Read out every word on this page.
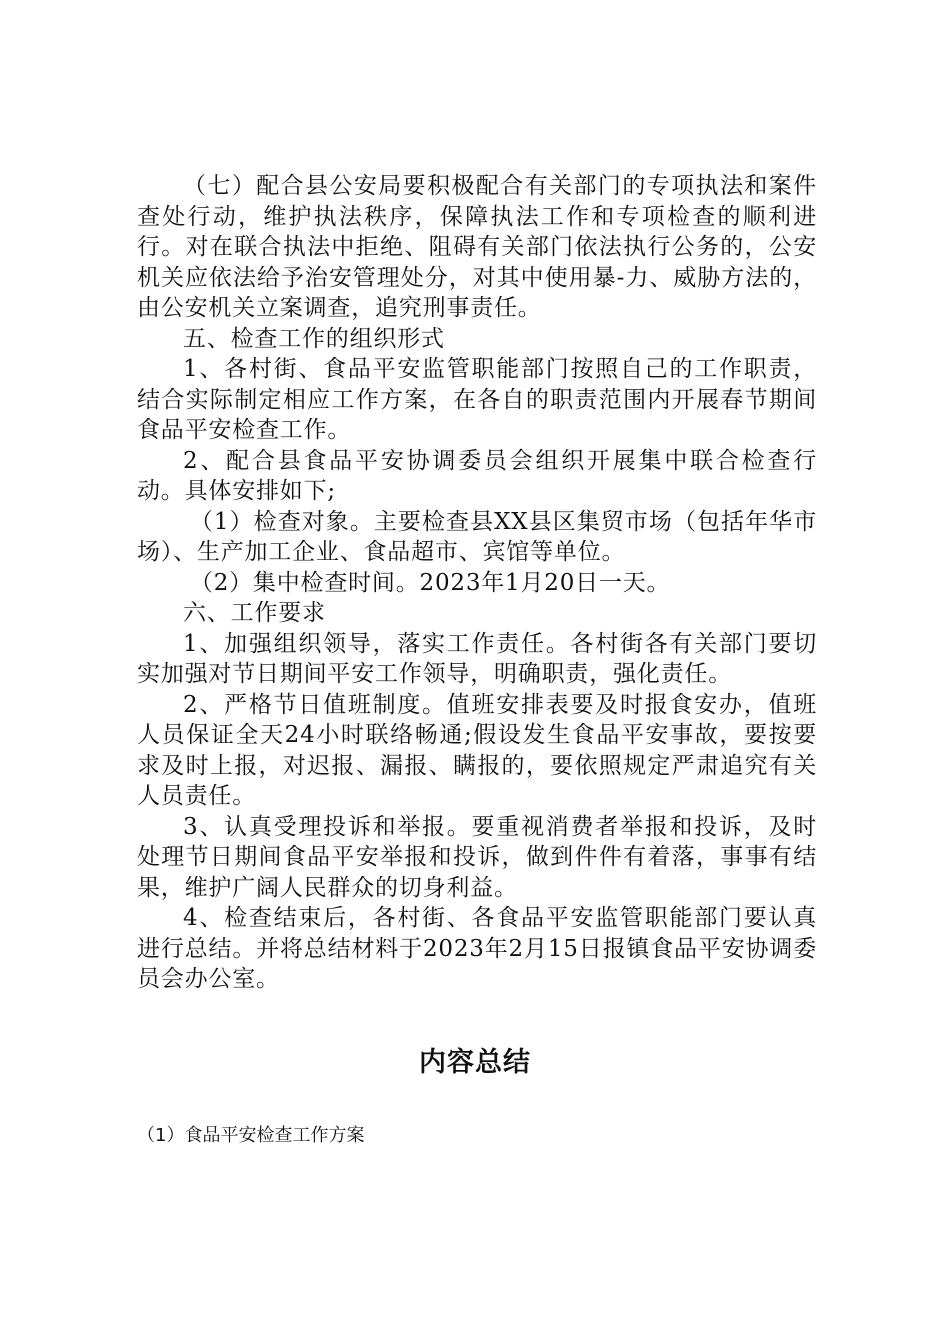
（七）配合县公安局要积极配合有关部门的专项执法和案件查处行动，维护执法秩序，保障执法工作和专项检查的顺利进行。对在联合执法中拒绝、阻碍有关部门依法执行公务的，公安机关应依法给予治安管理处分，对其中使用暴-力、威胁方法的，由公安机关立案调查，追究刑事责任。

五、检查工作的组织形式

1、各村街、食品平安监管职能部门按照自己的工作职责，结合实际制定相应工作方案，在各自的职责范围内开展春节期间食品平安检查工作。

2、配合县食品平安协调委员会组织开展集中联合检查行动。具体安排如下;

（1）检查对象。主要检查县XX县区集贸市场（包括年华市场）、生产加工企业、食品超市、宾馆等单位。

（2）集中检查时间。2023年1月20日一天。

六、工作要求

1、加强组织领导，落实工作责任。各村街各有关部门要切实加强对节日期间平安工作领导，明确职责，强化责任。

2、严格节日值班制度。值班安排表要及时报食安办，值班人员保证全天24小时联络畅通;假设发生食品平安事故，要按要求及时上报，对迟报、漏报、瞒报的，要依照规定严肃追究有关人员责任。

3、认真受理投诉和举报。要重视消费者举报和投诉，及时处理节日期间食品平安举报和投诉，做到件件有着落，事事有结果，维护广阔人民群众的切身利益。

4、检查结束后，各村街、各食品平安监管职能部门要认真进行总结。并将总结材料于2023年2月15日报镇食品平安协调委员会办公室。

内容总结

（1）食品平安检查工作方案
